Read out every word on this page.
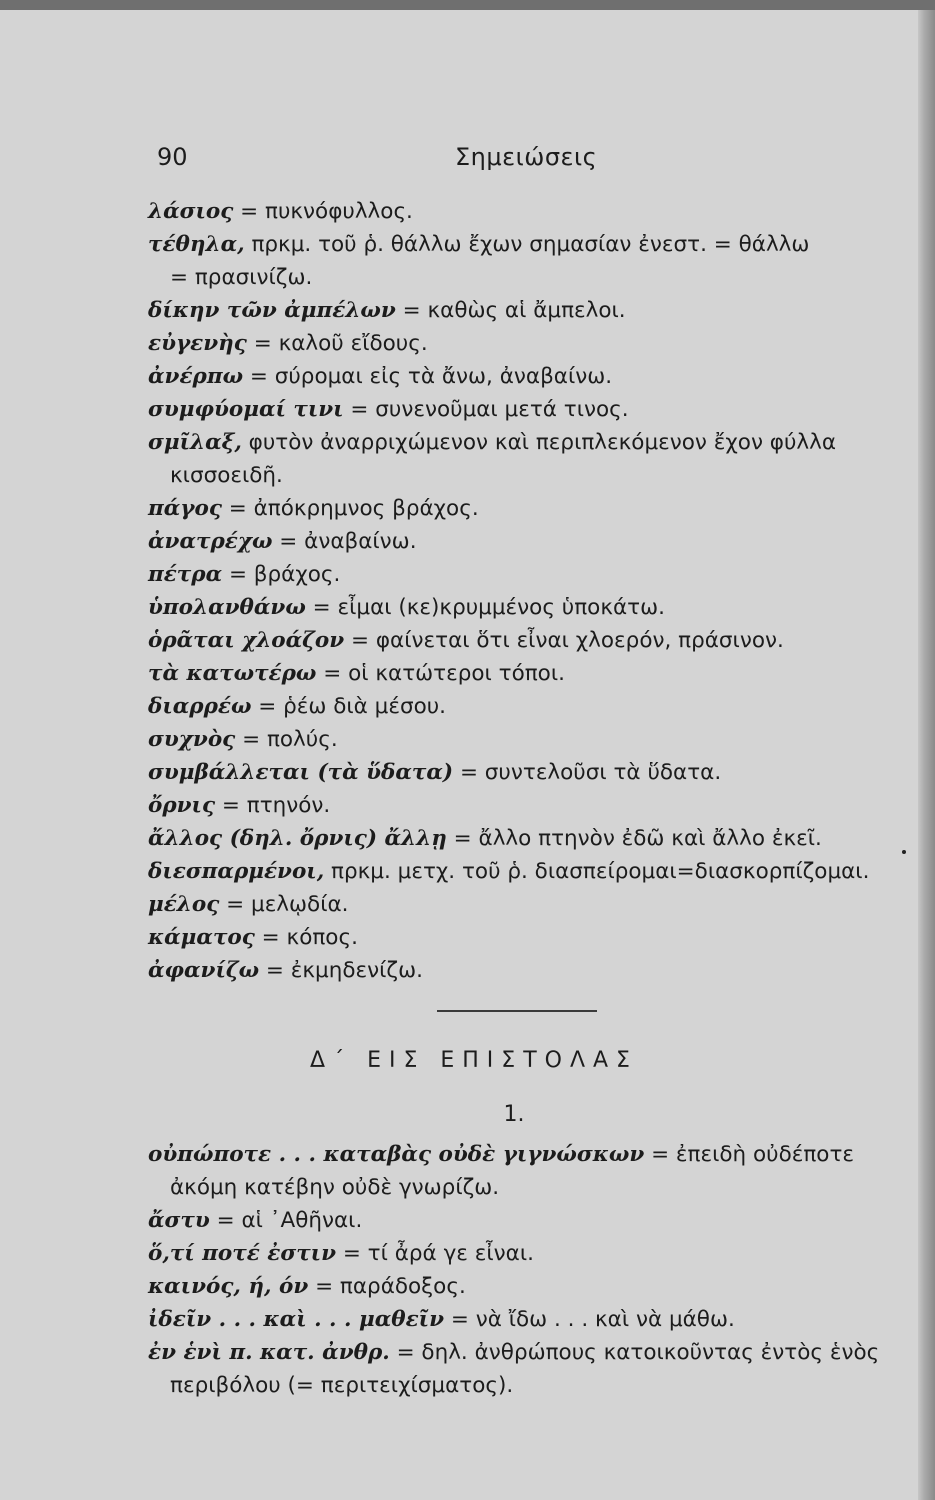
90	Σημειώσεις
λάσιος = πυκνόφυλλος.
τέθηλα, πρκμ. τοῦ ῥ. θάλλω ἔχων σημασίαν ἐνεστ. = θάλλω
= πρασινίζω.
δίκην τῶν ἀμπέλων = καθὼς αἱ ἄμπελοι.
εὐγενὴς = καλοῦ εἴδους.
ἀνέρπω = σύρομαι εἰς τὰ ἄνω, ἀναβαίνω.
συμφύομαί τινι = συνενοῦμαι μετά τινος.
σμῖλαξ, φυτὸν ἀναρριχώμενον καὶ περιπλεκόμενον ἔχον φύλλα
κισσοειδῆ.
πάγος = ἀπόκρημνος βράχος.
ἀνατρέχω = ἀναβαίνω.
πέτρα = βράχος.
ὑπολανθάνω = εἶμαι (κε)κρυμμένος ὑποκάτω.
ὁρᾶται χλοάζον = φαίνεται ὅτι εἶναι χλοερόν, πράσινον.
τὰ κατωτέρω = οἱ κατώτεροι τόποι.
διαρρέω = ῥέω διὰ μέσου.
συχνὸς = πολύς.
συμβάλλεται (τὰ ὕδατα) = συντελοῦσι τὰ ὕδατα.
ὄρνις = πτηνόν.
ἄλλος (δηλ. ὄρνις) ἄλλῃ = ἄλλο πτηνὸν ἐδῶ καὶ ἄλλο ἐκεῖ.
διεσπαρμένοι, πρκμ. μετχ. τοῦ ῥ. διασπείρομαι=διασκορπίζομαι.
μέλος = μελῳδία.
κάματος = κόπος.
ἀφανίζω = ἐκμηδενίζω.
Δ΄ ΕΙΣ ΕΠΙΣΤΟΛΑΣ
1.
οὐπώποτε . . . καταβὰς οὐδὲ γιγνώσκων = ἐπειδὴ οὐδέποτε
ἀκόμη κατέβην οὐδὲ γνωρίζω.
ἄστυ = αἱ ᾿Αθῆναι.
ὅ,τί ποτέ ἐστιν = τί ἆρά γε εἶναι.
καινός, ή, όν = παράδοξος.
ἰδεῖν . . . καὶ . . . μαθεῖν = νὰ ἴδω . . . καὶ νὰ μάθω.
ἐν ἑνὶ π. κατ. ἀνθρ. = δηλ. ἀνθρώπους κατοικοῦντας ἐντὸς ἑνὸς
περιβόλου (= περιτειχίσματος).
